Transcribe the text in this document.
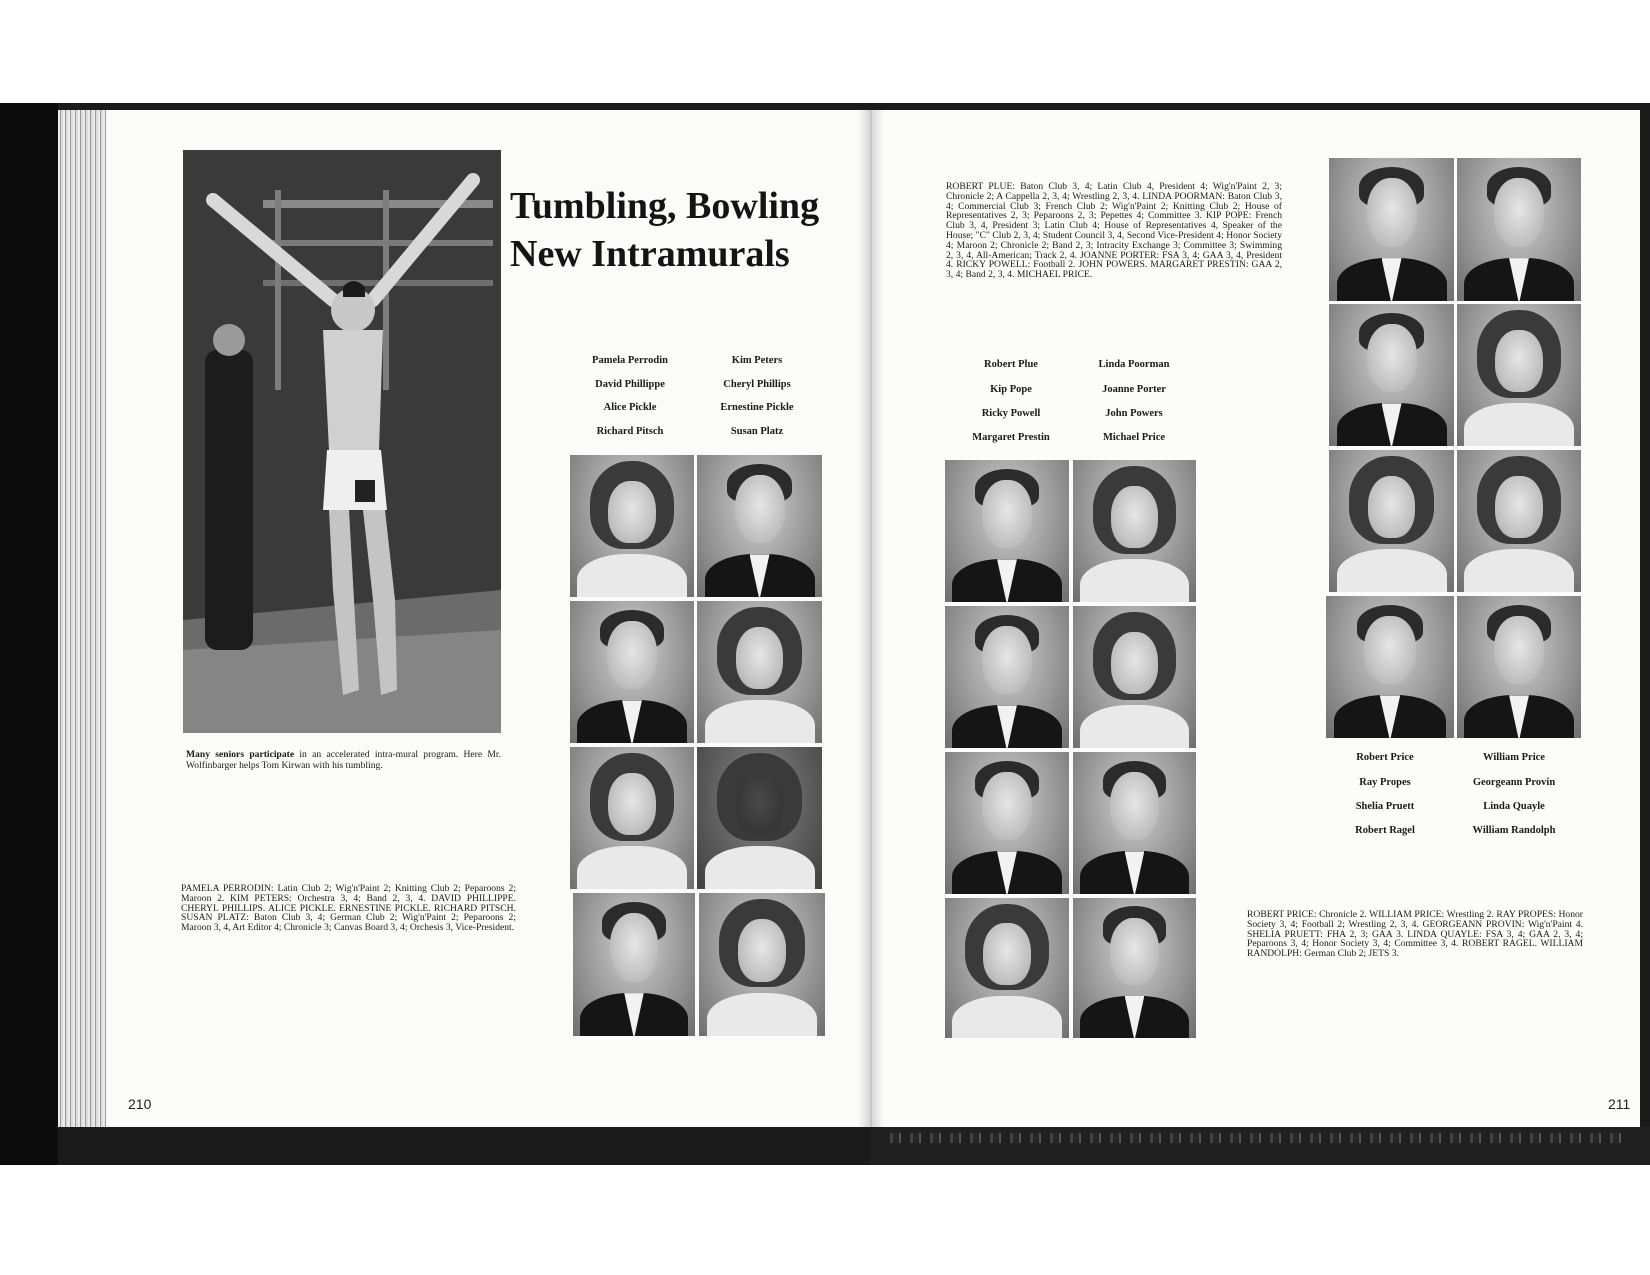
Many seniors participate in an accelerated intra-mural program. Here Mr. Wolfinbarger helps Tom Kirwan with his tumbling.
Tumbling, Bowling
New Intramurals
Pamela Perrodin	Kim Peters
David Phillippe	Cheryl Phillips
Alice Pickle	Ernestine Pickle
Richard Pitsch	Susan Platz
PAMELA PERRODIN: Latin Club 2; Wig'n'Paint 2; Knitting Club 2; Peparoons 2; Maroon 2. KIM PETERS: Orchestra 3, 4; Band 2, 3, 4. DAVID PHILLIPPE. CHERYL PHILLIPS. ALICE PICKLE. ERNESTINE PICKLE. RICHARD PITSCH. SUSAN PLATZ: Baton Club 3, 4; German Club 2; Wig'n'Paint 2; Peparoons 2; Maroon 3, 4, Art Editor 4; Chronicle 3; Canvas Board 3, 4; Orchesis 3, Vice-President.
ROBERT PLUE: Baton Club 3, 4; Latin Club 4, President 4; Wig'n'Paint 2, 3; Chronicle 2; A Cappella 2, 3, 4; Wrestling 2, 3, 4. LINDA POORMAN: Baton Club 3, 4; Commercial Club 3; French Club 2; Wig'n'Paint 2; Knitting Club 2; House of Representatives 2, 3; Peparoons 2, 3; Pepettes 4; Committee 3. KIP POPE: French Club 3, 4, President 3; Latin Club 4; House of Representatives 4, Speaker of the House; "C" Club 2, 3, 4; Student Council 3, 4, Second Vice-President 4; Honor Society 4; Maroon 2; Chronicle 2; Band 2, 3; Intracity Exchange 3; Committee 3; Swimming 2, 3, 4, All-American; Track 2, 4. JOANNE PORTER: FSA 3, 4; GAA 3, 4, President 4. RICKY POWELL: Football 2. JOHN POWERS. MARGARET PRESTIN: GAA 2, 3, 4; Band 2, 3, 4. MICHAEL PRICE.
Robert Plue	Linda Poorman
Kip Pope	Joanne Porter
Ricky Powell	John Powers
Margaret Prestin	Michael Price
Robert Price	William Price
Ray Propes	Georgeann Provin
Shelia Pruett	Linda Quayle
Robert Ragel	William Randolph
ROBERT PRICE: Chronicle 2. WILLIAM PRICE: Wrestling 2. RAY PROPES: Honor Society 3, 4; Football 2; Wrestling 2, 3, 4. GEORGEANN PROVIN: Wig'n'Paint 4. SHELIA PRUETT: FHA 2, 3; GAA 3. LINDA QUAYLE: FSA 3, 4; GAA 2, 3, 4; Peparoons 3, 4; Honor Society 3, 4; Committee 3, 4. ROBERT RAGEL. WILLIAM RANDOLPH: German Club 2; JETS 3.
210	211
